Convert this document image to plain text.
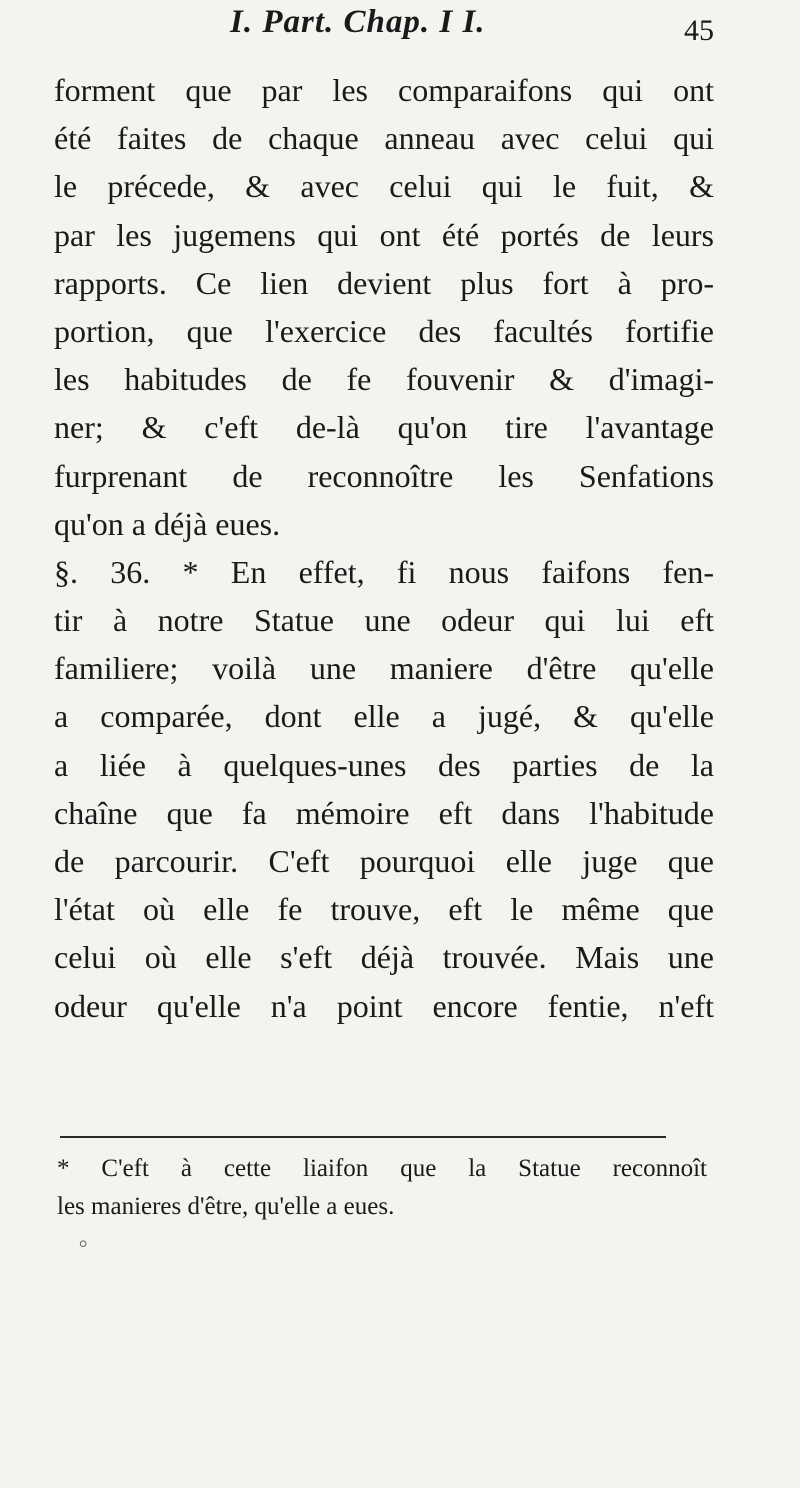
I. Part. Chap. I I.	45
forment que par les comparaifons qui ont
été faites de chaque anneau avec celui qui
le précede, & avec celui qui le fuit, &
par les jugemens qui ont été portés de leurs
rapports. Ce lien devient plus fort à pro-
portion, que l'exercice des facultés fortifie
les habitudes de fe fouvenir & d'imagi-
ner; & c'eft de-là qu'on tire l'avantage
furprenant de reconnoître les Senfations
qu'on a déjà eues.
§. 36. * En effet, fi nous faifons fen-
tir à notre Statue une odeur qui lui eft
familiere; voilà une maniere d'être qu'elle
a comparée, dont elle a jugé, & qu'elle
a liée à quelques-unes des parties de la
chaîne que fa mémoire eft dans l'habitude
de parcourir. C'eft pourquoi elle juge que
l'état où elle fe trouve, eft le même que
celui où elle s'eft déjà trouvée. Mais une
odeur qu'elle n'a point encore fentie, n'eft
* C'eft à cette liaifon que la Statue reconnoît
les manieres d'être, qu'elle a eues.
⸰
